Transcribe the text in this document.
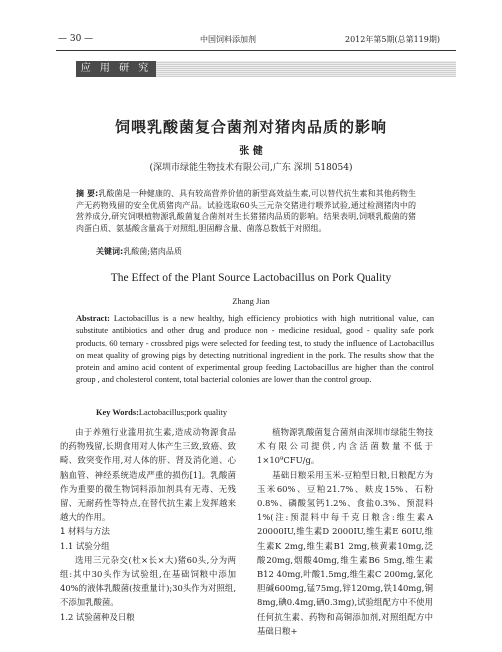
— 30 —	中国饲料添加剂	2012年第5期(总第119期)
应 用 研 究
饲喂乳酸菌复合菌剂对猪肉品质的影响
张 健
(深圳市绿能生物技术有限公司,广东 深圳 518054)
摘 要:乳酸菌是一种健康的、具有较高营养价值的新型高效益生素,可以替代抗生素和其他药物生产无药物残留的安全优质猪肉产品。试验选取60头三元杂交猪进行喂养试验,通过检测猪肉中的营养成分,研究饲喂植物源乳酸菌复合菌剂对生长猪猪肉品质的影响。结果表明,饲喂乳酸菌的猪肉蛋白质、氨基酸含量高于对照组,胆固醇含量、菌落总数低于对照组。
关键词:乳酸菌;猪肉品质
The Effect of the Plant Source Lactobacillus on Pork Quality
Zhang Jian
Abstract: Lactobacillus is a new healthy, high efficiency probiotics with high nutritional value, can substitute antibiotics and other drug and produce non - medicine residual, good - quality safe pork products. 60 ternary - crossbred pigs were selected for feeding test, to study the influence of Lactobacillus on meat quality of growing pigs by detecting nutritional ingredient in the pork. The results show that the protein and amino acid content of experimental group feeding Lactobacillus are higher than the control group , and cholesterol content, total bacterial colonies are lower than the control group.
Key Words:Lactobacillus;pork quality

由于养殖行业滥用抗生素,造成动物源食品的药物残留,长期食用对人体产生三致,致癌、致畸、致突变作用,对人体的肝、肾及消化道、心脑血管、神经系统造成严重的损伤[1]。乳酸菌作为重要的微生物饲料添加剂具有无毒、无残留、无耐药性等特点,在替代抗生素上发挥越来越大的作用。

1 材料与方法

1.1 试验分组

选用三元杂交(杜×长×大)猪60头,分为两组:其中30头作为试验组,在基础饲粮中添加40%的液体乳酸菌(按重量计);30头作为对照组,不添加乳酸菌。

1.2 试验菌种及日粮

植物源乳酸菌复合菌剂由深圳市绿能生物技术有限公司提供,内含活菌数量不低于1×10⁹CFU/g。

基础日粮采用玉米-豆粕型日粮,日粮配方为玉米60%、豆粕21.7%、麸皮15%、石粉0.8%、磷酸氢钙1.2%、食盐0.3%、预混料1%(注:预混料中每千克日粮含:维生素A 20000IU,维生素D 2000IU,维生素E 60IU,维生素K 2mg,维生素B1 2mg,核黄素10mg,泛酸20mg,烟酸40mg,维生素B6 5mg,维生素B12 40mg,叶酸1.5mg,维生素C 200mg,氯化胆碱600mg,锰75mg,锌120mg,铁140mg,铜8mg,碘0.4mg,硒0.3mg),试验组配方中不使用任何抗生素、药物和高铜添加剂,对照组配方中基础日粮+
